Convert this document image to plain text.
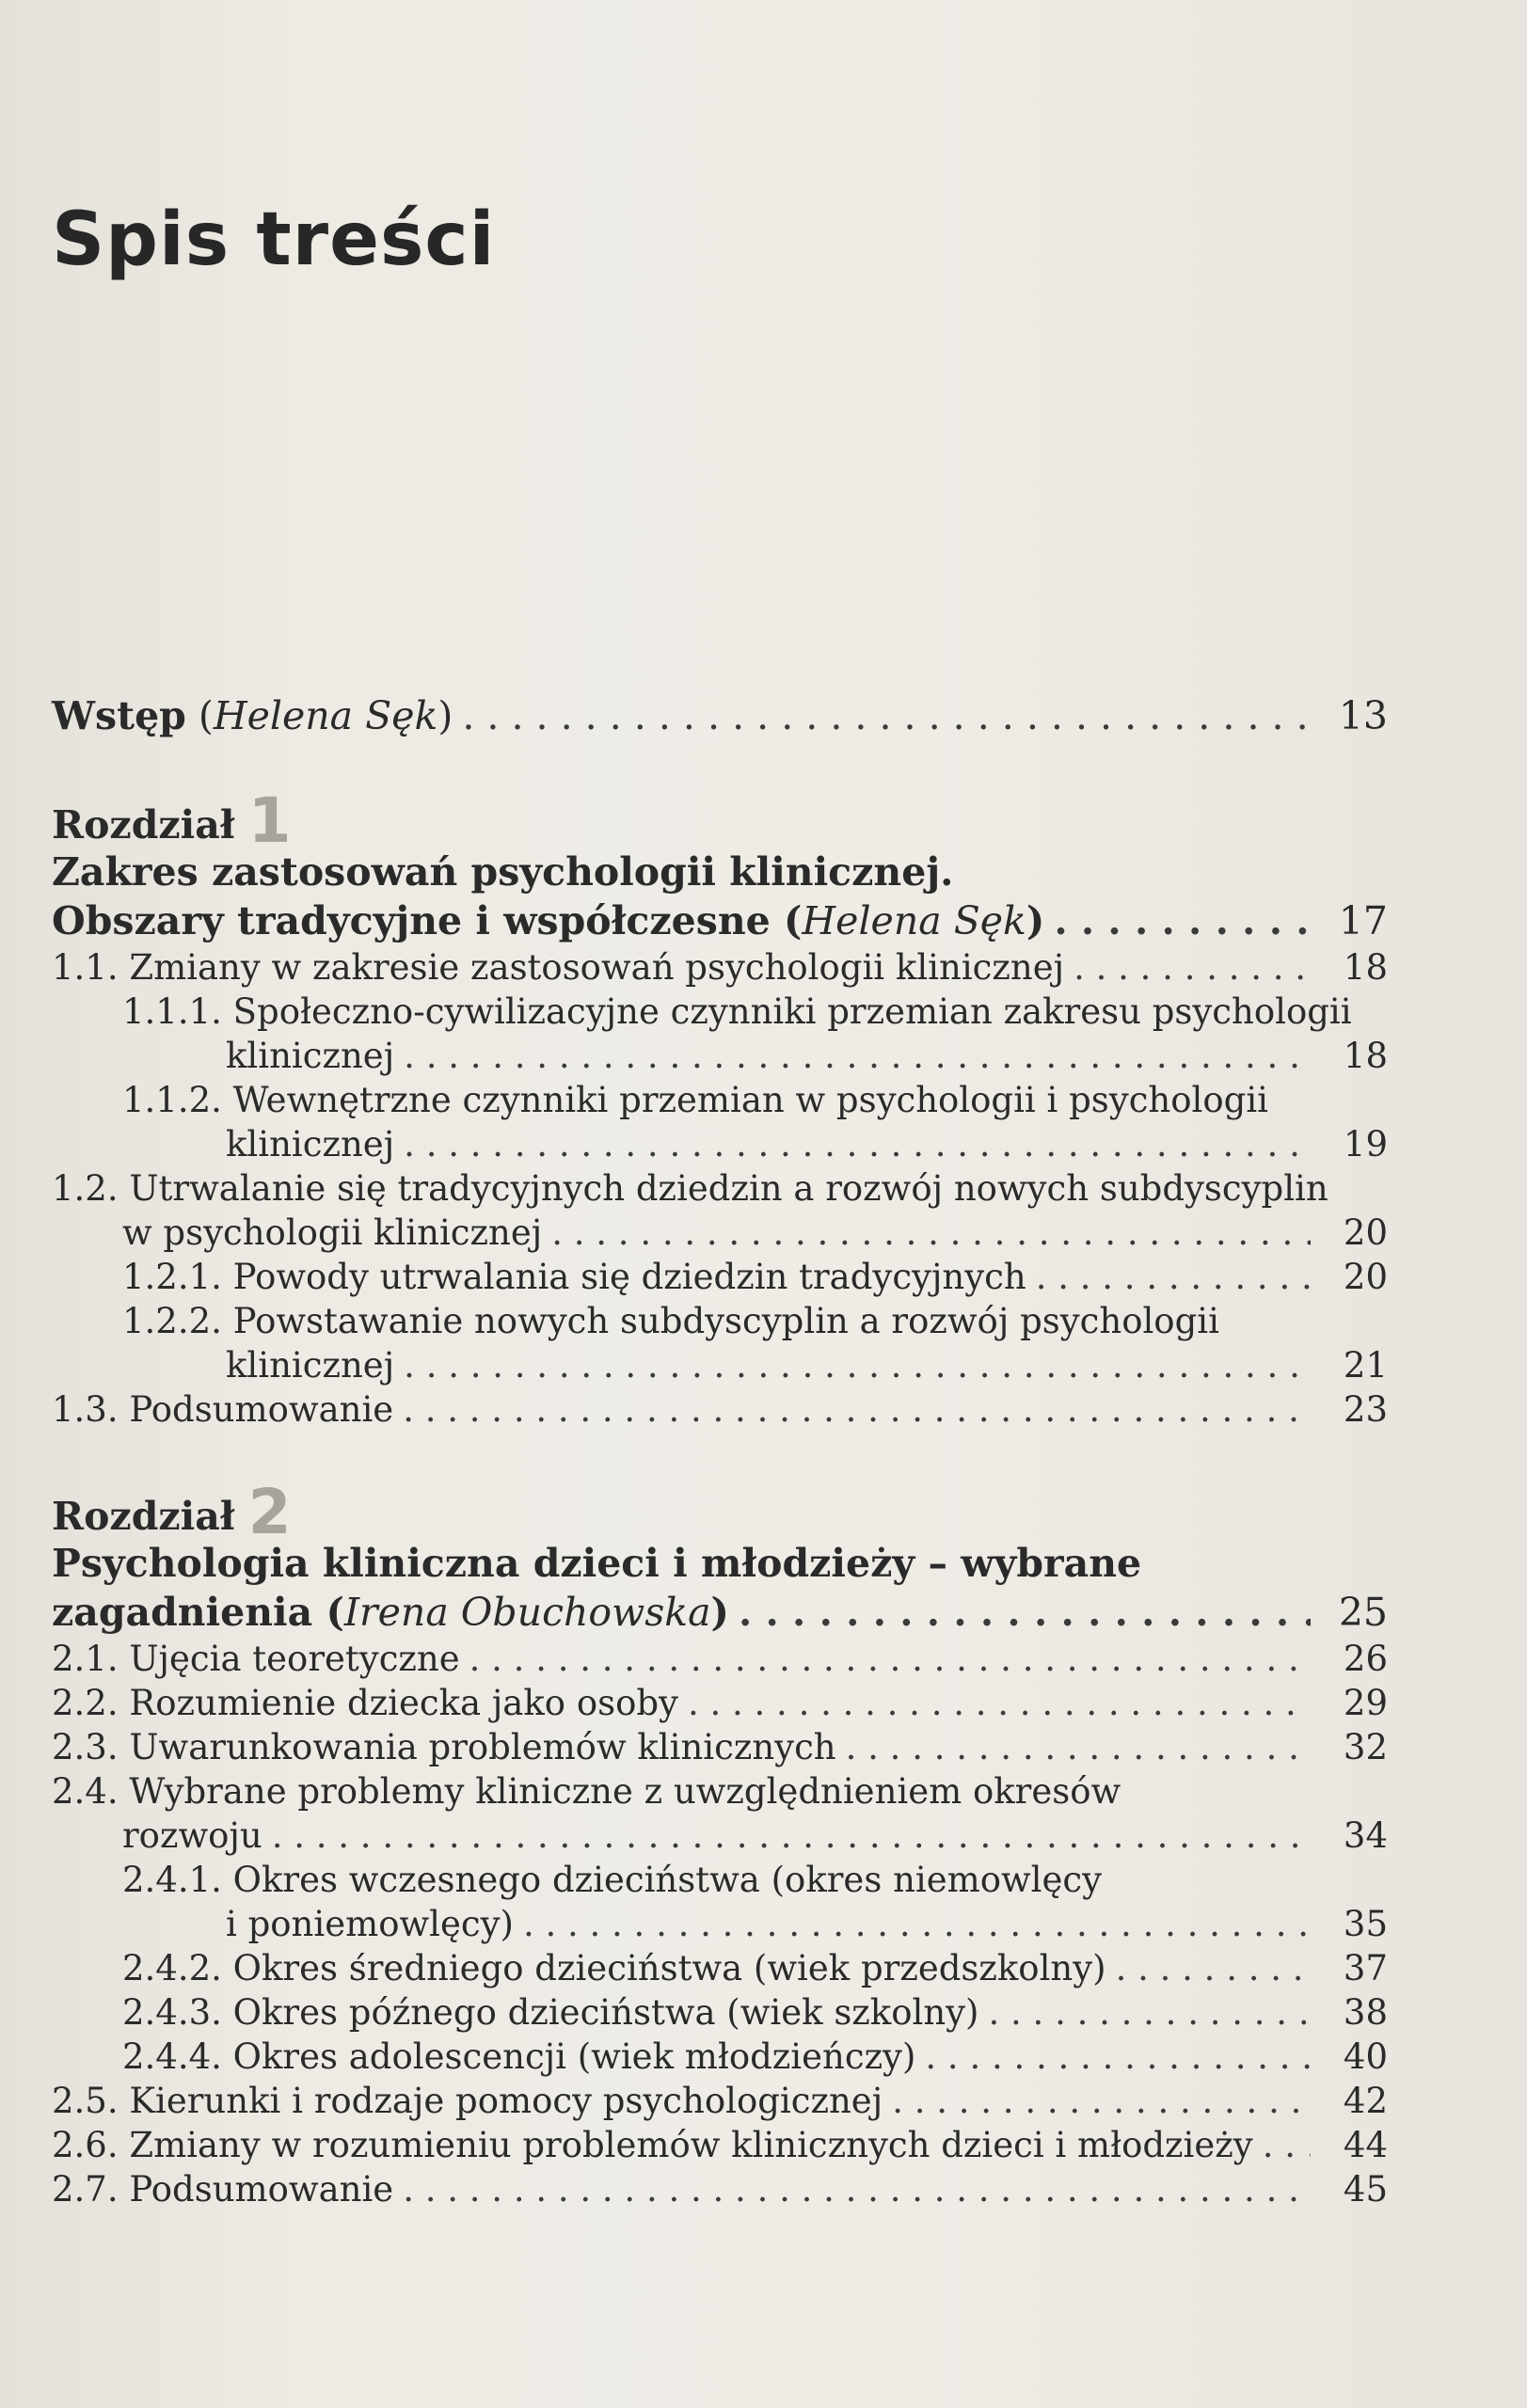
Spis treści
Wstęp (Helena Sęk) . . .	13
Rozdział 1
Zakres zastosowań psychologii klinicznej.
Obszary tradycyjne i współczesne (Helena Sęk) . . .	17
1.1. Zmiany w zakresie zastosowań psychologii klinicznej . . .	18
1.1.1. Społeczno-cywilizacyjne czynniki przemian zakresu psychologii
klinicznej . . .	18
1.1.2. Wewnętrzne czynniki przemian w psychologii i psychologii
klinicznej . . .	19
1.2. Utrwalanie się tradycyjnych dziedzin a rozwój nowych subdyscyplin
w psychologii klinicznej . . .	20
1.2.1. Powody utrwalania się dziedzin tradycyjnych . . .	20
1.2.2. Powstawanie nowych subdyscyplin a rozwój psychologii
klinicznej . . .	21
1.3. Podsumowanie . . .	23
Rozdział 2
Psychologia kliniczna dzieci i młodzieży – wybrane
zagadnienia (Irena Obuchowska) . . .	25
2.1. Ujęcia teoretyczne . . .	26
2.2. Rozumienie dziecka jako osoby . . .	29
2.3. Uwarunkowania problemów klinicznych . . .	32
2.4. Wybrane problemy kliniczne z uwzględnieniem okresów
rozwoju . . .	34
2.4.1. Okres wczesnego dzieciństwa (okres niemowlęcy
i poniemowlęcy) . . .	35
2.4.2. Okres średniego dzieciństwa (wiek przedszkolny) . . .	37
2.4.3. Okres późnego dzieciństwa (wiek szkolny) . . .	38
2.4.4. Okres adolescencji (wiek młodzieńczy) . . .	40
2.5. Kierunki i rodzaje pomocy psychologicznej . . .	42
2.6. Zmiany w rozumieniu problemów klinicznych dzieci i młodzieży . . .	44
2.7. Podsumowanie . . .	45
